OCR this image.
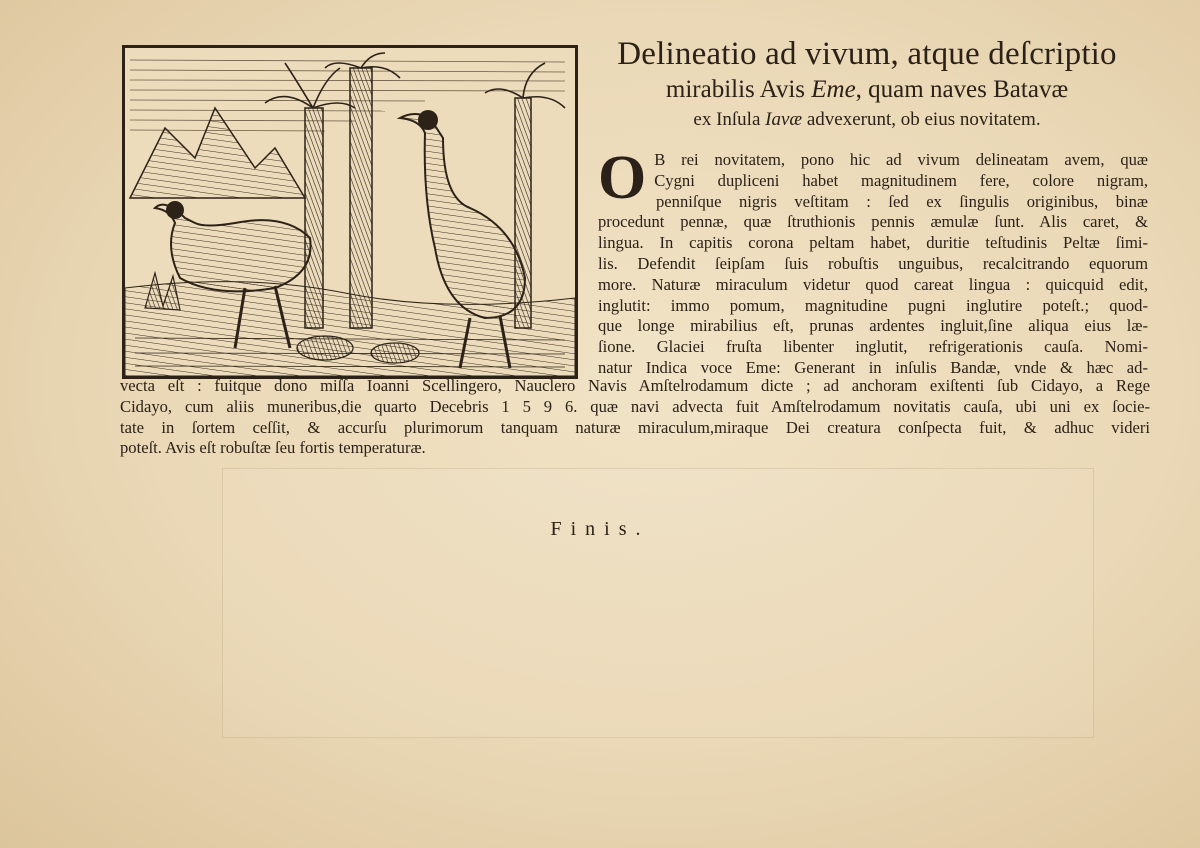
Delineatio ad vivum, atque deſcriptio
mirabilis Avis Eme, quam naves Batavæ
ex Inſula Iavæ advexerunt, ob eius novitatem.
O B rei novitatem, pono hic ad vivum delineatam avem, quæ

Cygni dupliceni habet magnitudinem fere, colore nigram,

penniſque nigris veſtitam : ſed ex ſingulis originibus, binæ

procedunt pennæ, quæ ſtruthionis pennis æmulæ ſunt. Alis caret, &

lingua. In capitis corona peltam habet, duritie teſtudinis Peltæ ſimi-

lis. Defendit ſeipſam ſuis robuſtis unguibus, recalcitrando equorum

more. Naturæ miraculum videtur quod careat lingua : quicquid edit,

inglutit: immo pomum, magnitudine pugni inglutire poteſt.; quod-

que longe mirabilius eſt, prunas ardentes ingluit,ſine aliqua eius læ-

ſione. Glaciei fruſta libenter inglutit, refrigerationis cauſa. Nomi-

natur Indica voce Eme: Generant in inſulis Bandæ, vnde & hæc ad-

vecta eſt : fuitque dono miſſa Ioanni Scellingero, Nauclero Navis Amſtelrodamum dicte ; ad anchoram exiſtenti ſub Cidayo, a Rege

Cidayo, cum aliis muneribus,die quarto Decebris 1 5 9 6. quæ navi advecta fuit Amſtelrodamum novitatis cauſa, ubi uni ex ſocie-

tate in ſortem ceſſit, & accurſu plurimorum tanquam naturæ miraculum,miraque Dei creatura conſpecta fuit, & adhuc videri

poteſt. Avis eſt robuſtæ ſeu fortis temperaturæ.

Finis.
